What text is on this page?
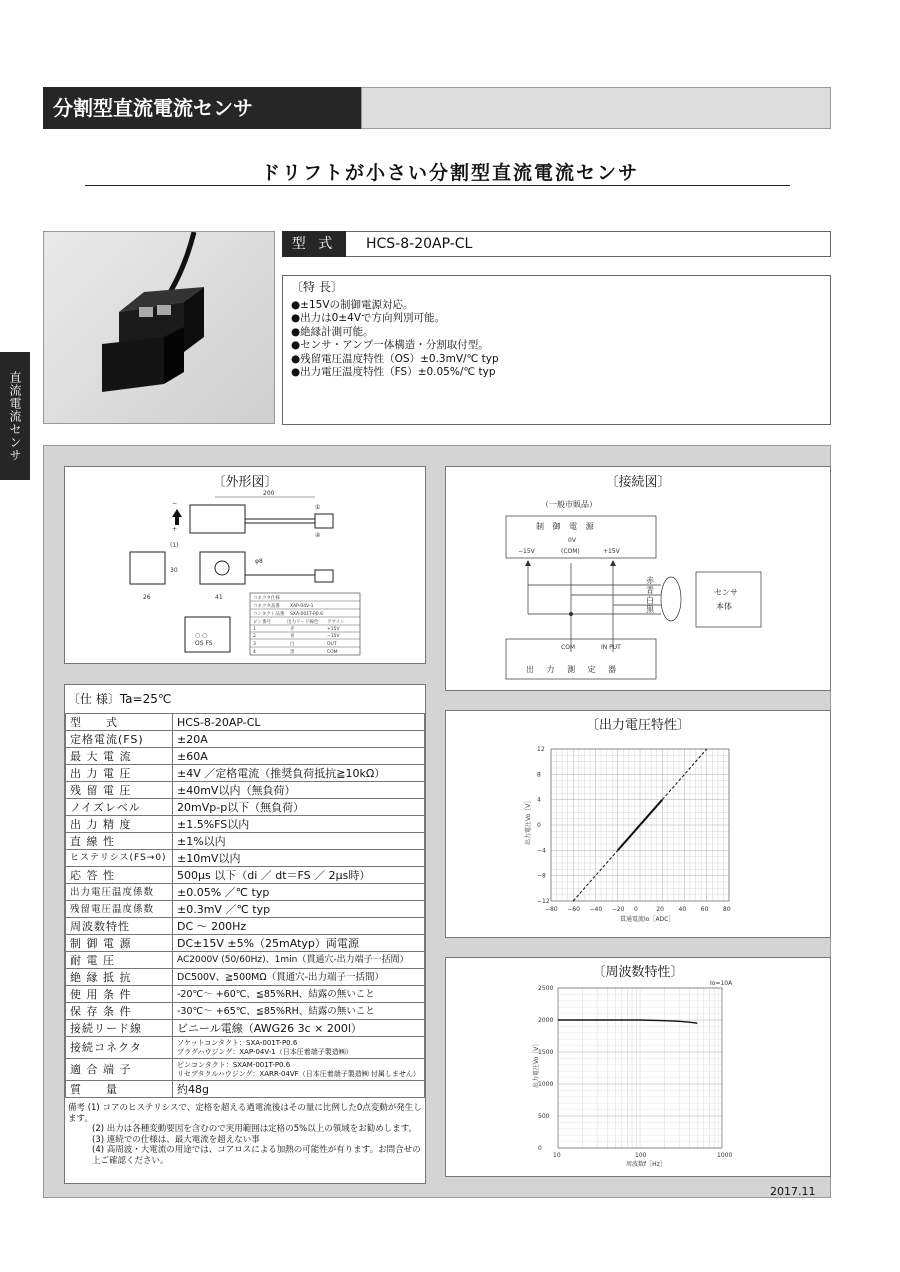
分割型直流電流センサ
ドリフトが小さい分割型直流電流センサ
直流電流センサ
型 式	HCS-8-20AP-CL
〔特 長〕
●±15Vの制御電源対応。
●出力は0±4Vで方向判別可能。
●絶縁計測可能。
●センサ・アンプ一体構造・分割取付型。
●残留電圧温度特性（OS）±0.3mV/℃ typ
●出力電圧温度特性（FS）±0.05%/℃ typ
〔外形図〕
200
①
④
+
−
φ8
30
(1)
26	41
○ ○
OS FS
コネクタ仕様
コネクタ品番 XAP-04V-1
コンタクト品番 SXA-001T-P0.6
ピン番号	出力リード線色 アサイン
1	赤	+15V
2	青	−15V
3	白	OUT
4	黒	COM
〔接続図〕
（一般市販品）
制 御 電 源
0V
−15V	(COM)	+15V
赤
青
白
黒
センサ
本体
COM	IN PUT
出 力 測 定 器
〔仕 様〕Ta=25℃
型　　式	HCS-8-20AP-CL
定格電流(FS)	±20A
最 大 電 流	±60A
出 力 電 圧	±4V ／定格電流（推奨負荷抵抗≧10kΩ）
残 留 電 圧	±40mV以内（無負荷）
ノイズレベル	20mVp-p以下（無負荷）
出 力 精 度	±1.5%FS以内
直 線 性	±1%以内
ヒステリシス(FS→0)	±10mV以内
応 答 性	500μs 以下（di ／ dt＝FS ／ 2μs時）
出力電圧温度係数	±0.05% ／℃ typ
残留電圧温度係数	±0.3mV ／℃ typ
周波数特性	DC 〜 200Hz
制 御 電 源	DC±15V ±5%（25mAtyp）両電源
耐 電 圧	AC2000V (50/60Hz)、1min（貫通穴-出力端子一括間）
絶 縁 抵 抗	DC500V、≧500MΩ（貫通穴-出力端子一括間）
使 用 条 件	-20℃〜 +60℃、≦85%RH、結露の無いこと
保 存 条 件	-30℃〜 +65℃、≦85%RH、結露の無いこと
接続リード線	ビニール電線（AWG26 3c × 200l）
接続コネクタ	ソケットコンタクト：SXA-001T-P0.6
プラグハウジング：XAP-04V-1（日本圧着端子製造㈱）
適 合 端 子	ピンコンタクト：SXAM-001T-P0.6
リセプタクルハウジング：XARR-04VF（日本圧着端子製造㈱ 付属しません）
質　　量	約48g
備考 (1) コアのヒステリシスで、定格を超える過電流後はその量に比例した0点変動が発生します。
(2) 出力は各種変動要因を含むので実用範囲は定格の5%以上の領域をお勧めします。
(3) 連続での仕様は、最大電流を超えない事
(4) 高周波・大電流の用途では、コアロスによる加熱の可能性が有ります。お問合せの上ご確認ください。
〔出力電圧特性〕
−80 −60 −40 −20 0	20 40 60 80
12
8
4
0
−4
−8
−12
貫通電流Io［ADC］
出力電圧Vo［V］
〔周波数特性〕
10	100	1000
2500
2000
1500
1000
500
0
周波数f［Hz］
出力電圧Vo［V］
Io=10A
2017.11
